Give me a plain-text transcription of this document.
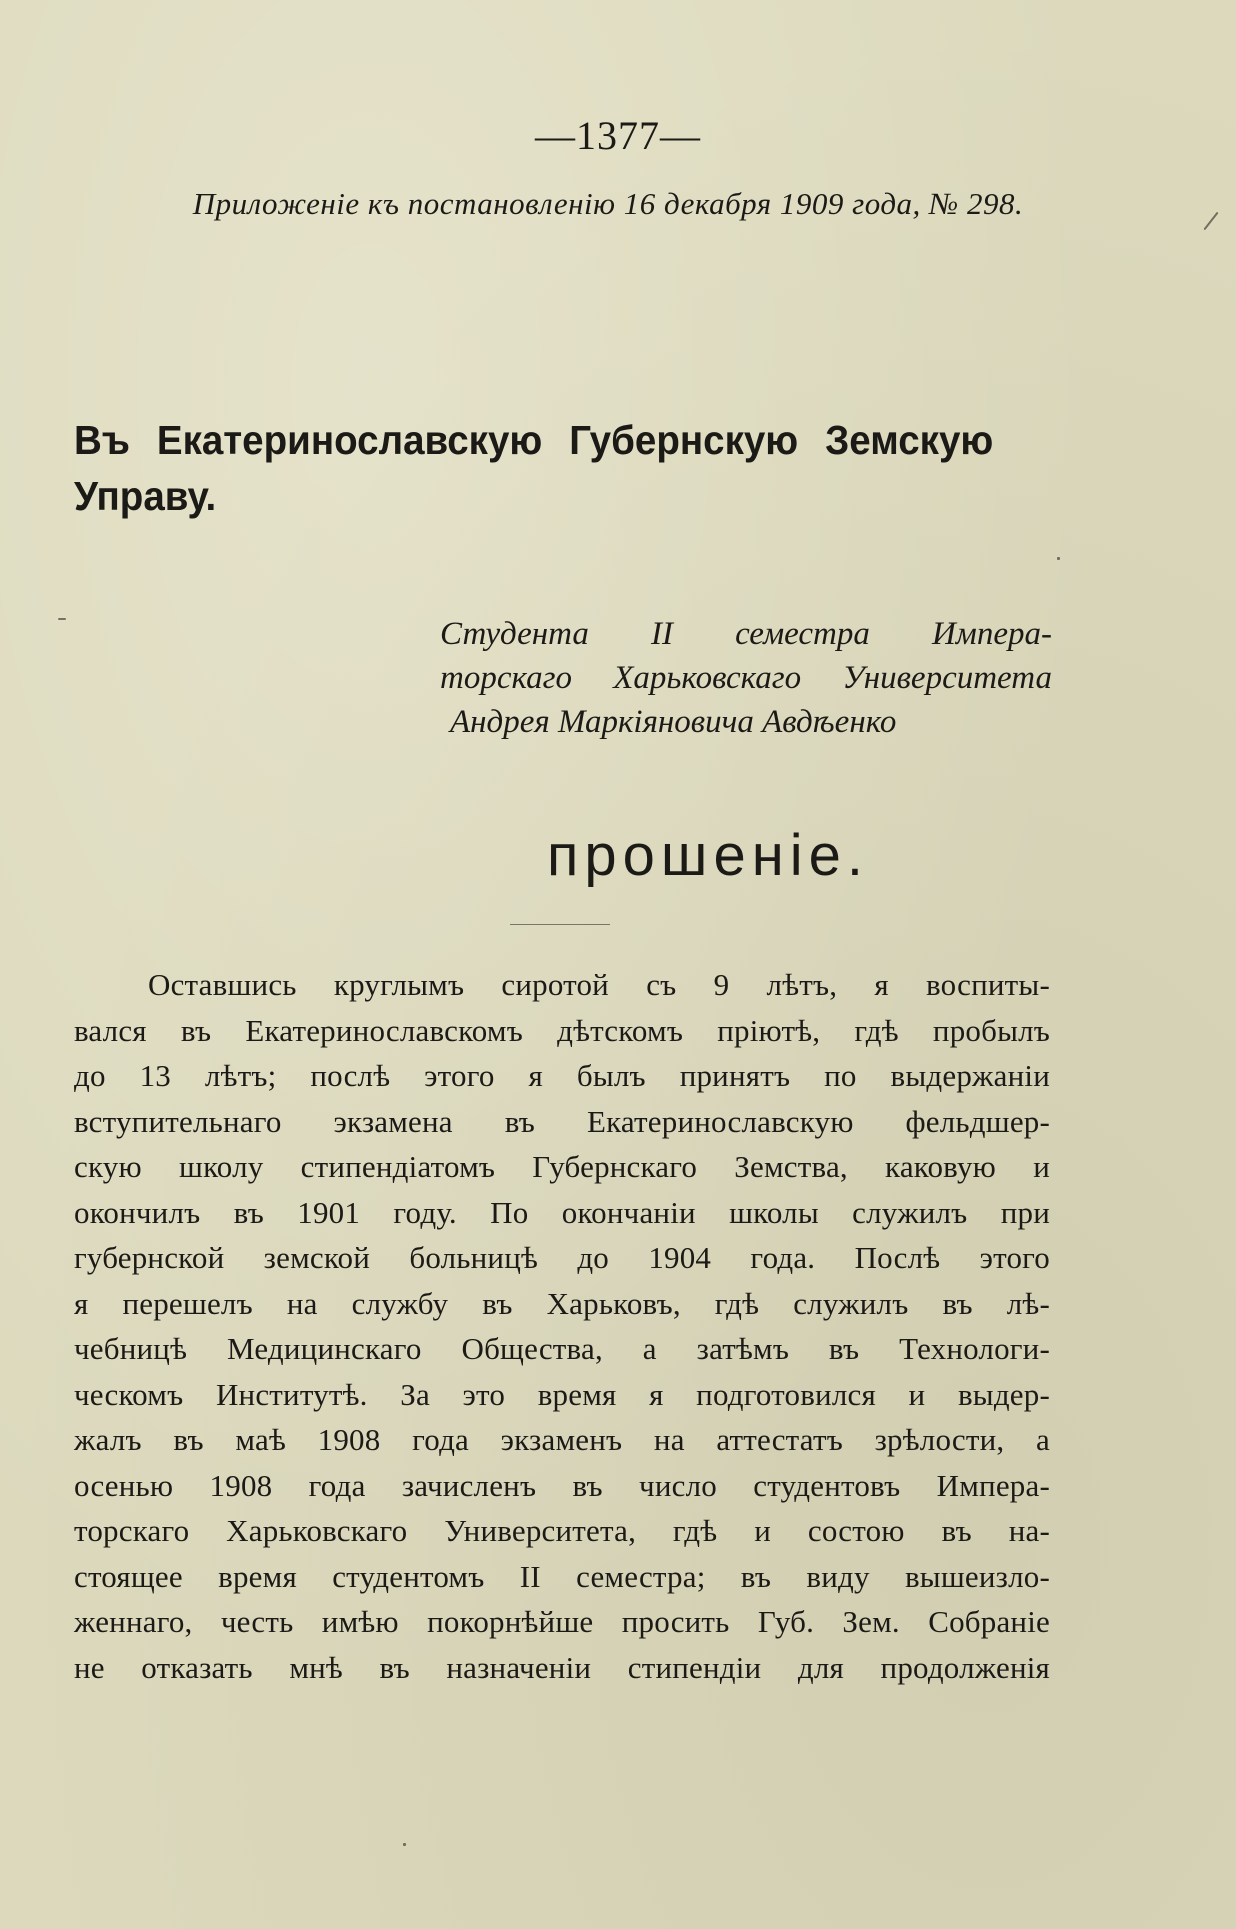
—1377—
Приложенiе къ постановленiю 16 декабря 1909 года, № 298.
Въ Екатеринославскую Губернскую Земскую Управу.
Студента II семестра Импера-
торскаго Харьковскаго Университета
Андрея Маркiяновича Авдѣенко
прошенiе.
Оставшись круглымъ сиротой съ 9 лѣтъ, я воспиты-
вался въ Екатеринославскомъ дѣтскомъ прiютѣ, гдѣ пробылъ
до 13 лѣтъ; послѣ этого я былъ принятъ по выдержанiи
вступительнаго экзамена въ Екатеринославскую фельдшер-
скую школу стипендiатомъ Губернскаго Земства, каковую и
окончилъ въ 1901 году. По окончанiи школы служилъ при
губернской земской больницѣ до 1904 года. Послѣ этого
я перешелъ на службу въ Харьковъ, гдѣ служилъ въ лѣ-
чебницѣ Медицинскаго Общества, а затѣмъ въ Технологи-
ческомъ Институтѣ. За это время я подготовился и выдер-
жалъ въ маѣ 1908 года экзаменъ на аттестатъ зрѣлости, а
осенью 1908 года зачисленъ въ число студентовъ Импера-
торскаго Харьковскаго Университета, гдѣ и состою въ на-
стоящее время студентомъ II семестра; въ виду вышеизло-
женнаго, честь имѣю покорнѣйше просить Губ. Зем. Собранiе
не отказать мнѣ въ назначенiи стипендiи для продолженiя
